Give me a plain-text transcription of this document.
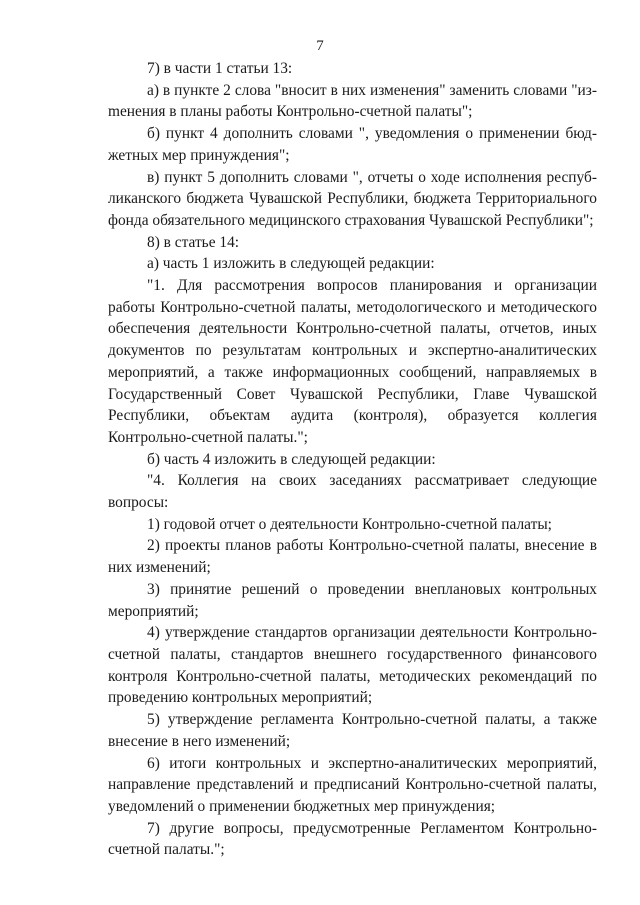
7

7) в части 1 статьи 13:

а) в пункте 2 слова "вносит в них изменения" заменить словами "изmенения в планы работы Контрольно-счетной палаты";

б) пункт 4 дополнить словами ", уведомления о применении бюджетных мер принуждения";

в) пункт 5 дополнить словами ", отчеты о ходе исполнения республиканского бюджета Чувашской Республики, бюджета Территориального фонда обязательного медицинского страхования Чувашской Республики";

8) в статье 14:

а) часть 1 изложить в следующей редакции:

"1. Для рассмотрения вопросов планирования и организации работы Контрольно-счетной палаты, методологического и методического обеспечения деятельности Контрольно-счетной палаты, отчетов, иных документов по результатам контрольных и экспертно-аналитических мероприятий, а также информационных сообщений, направляемых в Государственный Совет Чувашской Республики, Главе Чувашской Республики, объектам аудита (контроля), образуется коллегия Контрольно-счетной палаты.";

б) часть 4 изложить в следующей редакции:

"4. Коллегия на своих заседаниях рассматривает следующие вопросы:

1) годовой отчет о деятельности Контрольно-счетной палаты;

2) проекты планов работы Контрольно-счетной палаты, внесение в них изменений;

3) принятие решений о проведении внеплановых контрольных мероприятий;

4) утверждение стандартов организации деятельности Контрольно-счетной палаты, стандартов внешнего государственного финансового контроля Контрольно-счетной палаты, методических рекомендаций по проведению контрольных мероприятий;

5) утверждение регламента Контрольно-счетной палаты, а также внесение в него изменений;

6) итоги контрольных и экспертно-аналитических мероприятий, направление представлений и предписаний Контрольно-счетной палаты, уведомлений о применении бюджетных мер принуждения;

7) другие вопросы, предусмотренные Регламентом Контрольно-счетной палаты.";
